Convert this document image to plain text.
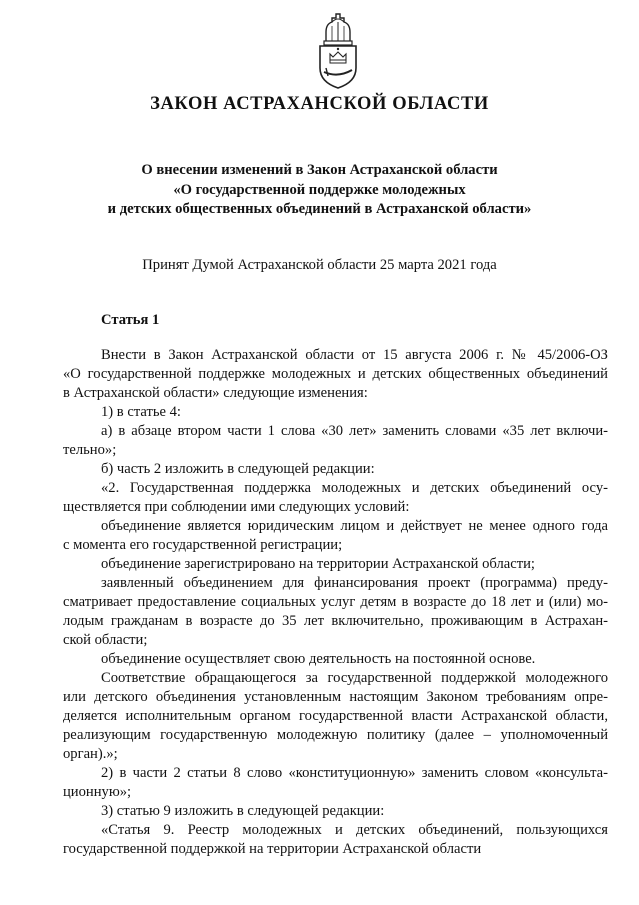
ЗАКОН АСТРАХАНСКОЙ ОБЛАСТИ
О внесении изменений в Закон Астраханской области
«О государственной поддержке молодежных
и детских общественных объединений в Астраханской области»
Принят Думой Астраханской области 25 марта 2021 года
Статья 1
Внести в Закон Астраханской области от 15 августа 2006 г. № 45/2006-ОЗ
«О государственной поддержке молодежных и детских общественных объединений
в Астраханской области» следующие изменения:
1) в статье 4:
а) в абзаце втором части 1 слова «30 лет» заменить словами «35 лет включи-
тельно»;
б) часть 2 изложить в следующей редакции:
«2. Государственная поддержка молодежных и детских объединений осу-
ществляется при соблюдении ими следующих условий:
объединение является юридическим лицом и действует не менее одного года
с момента его государственной регистрации;
объединение зарегистрировано на территории Астраханской области;
заявленный объединением для финансирования проект (программа) преду-
сматривает предоставление социальных услуг детям в возрасте до 18 лет и (или) мо-
лодым гражданам в возрасте до 35 лет включительно, проживающим в Астрахан-
ской области;
объединение осуществляет свою деятельность на постоянной основе.
Соответствие обращающегося за государственной поддержкой молодежного
или детского объединения установленным настоящим Законом требованиям опре-
деляется исполнительным органом государственной власти Астраханской области,
реализующим государственную молодежную политику (далее – уполномоченный
орган).»;
2) в части 2 статьи 8 слово «конституционную» заменить словом «консульта-
ционную»;
3) статью 9 изложить в следующей редакции:
«Статья 9. Реестр молодежных и детских объединений, пользующихся
государственной поддержкой на территории Астраханской области
